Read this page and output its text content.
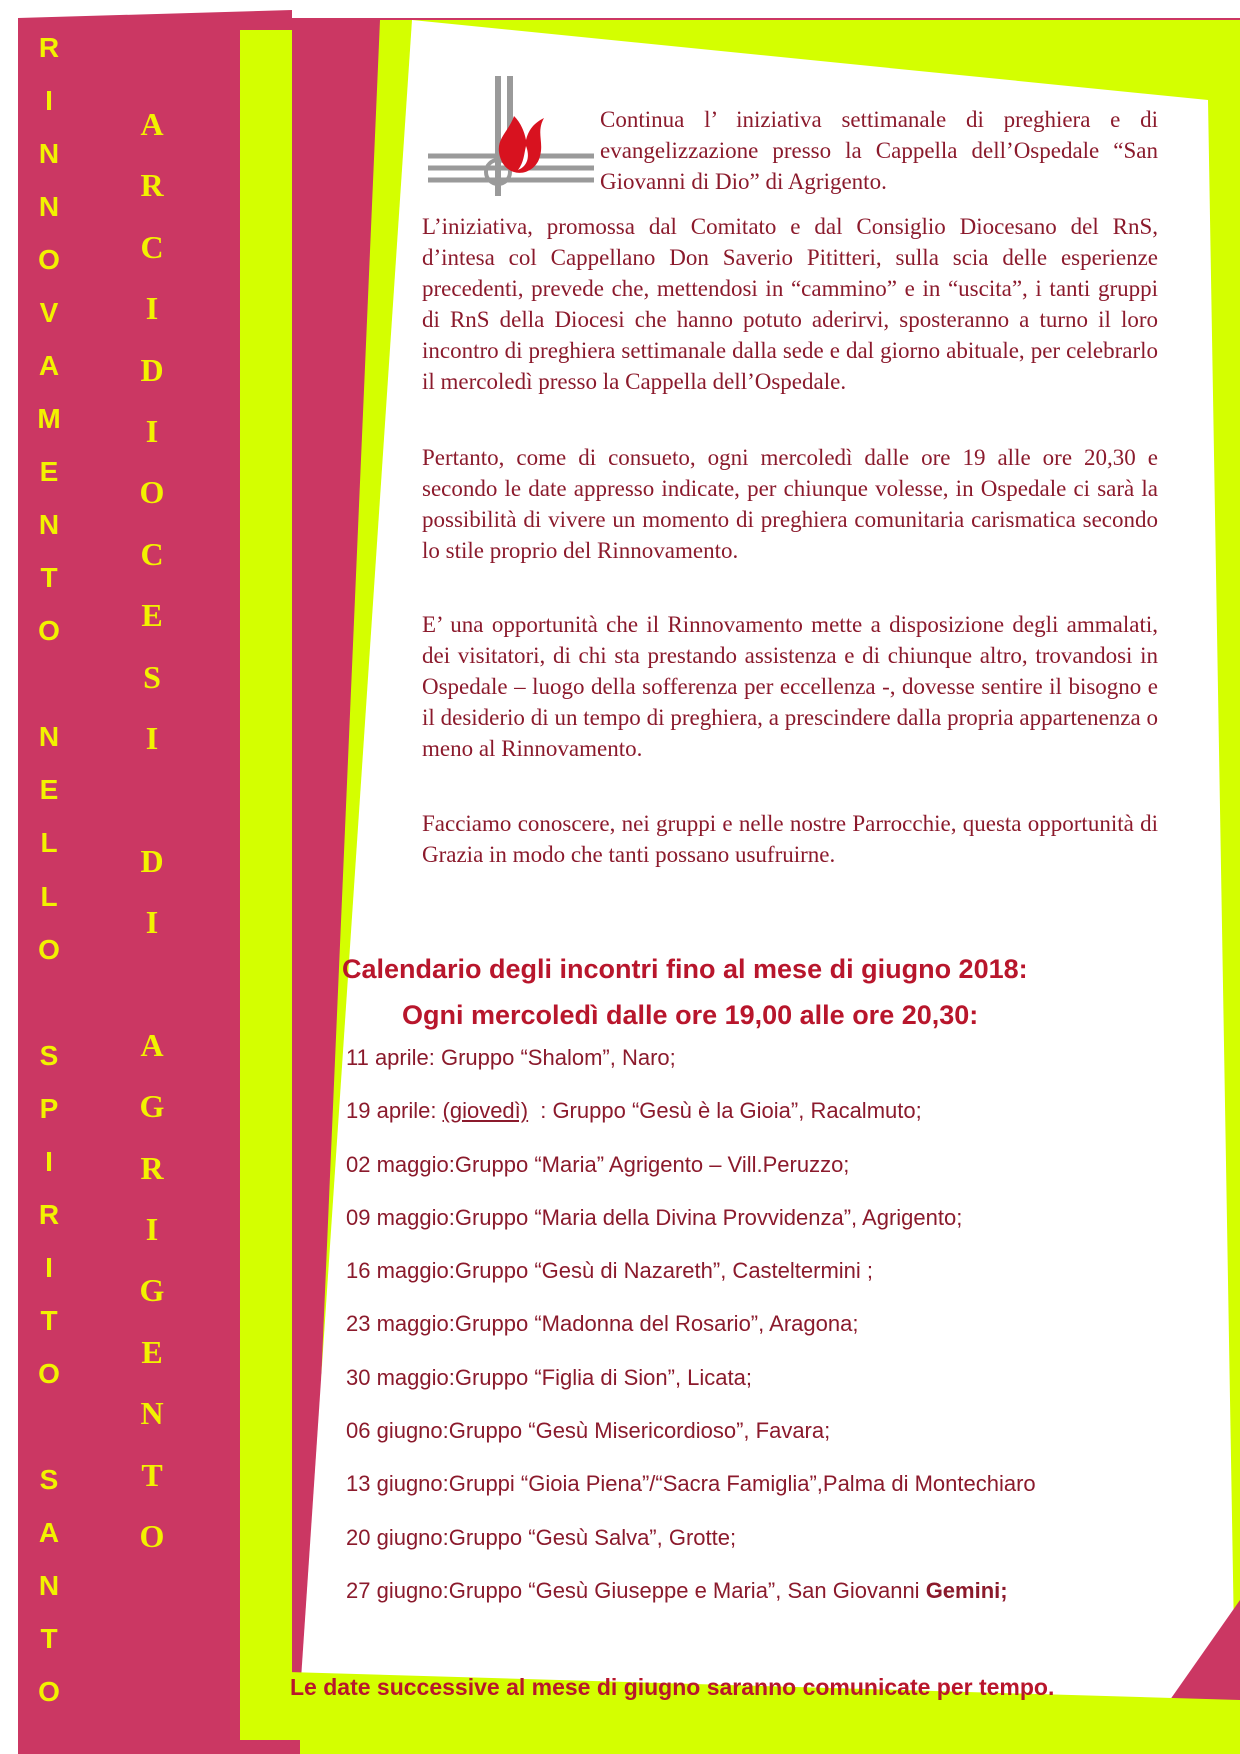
R
I
N
N
O
V
A
M
E
N
T
O
N
E
L
L
O
S
P
I
R
I
T
O
S
A
N
T
O
A
R
C
I
D
I
O
C
E
S
I
D
I
A
G
R
I
G
E
N
T
O

Continua l’ iniziativa settimanale di preghiera e di evangelizzazione presso la Cappella dell’Ospedale “San Giovanni di Dio” di Agrigento.

L’iniziativa, promossa dal Comitato e dal Consiglio Diocesano del RnS, d’intesa col Cappellano Don Saverio Pititteri, sulla scia delle esperienze precedenti, prevede che, mettendosi in “cammino” e in “uscita”, i tanti gruppi di RnS della Diocesi che hanno potuto aderirvi, sposteranno a turno il loro incontro di preghiera settimanale dalla sede e dal giorno abituale, per celebrarlo il mercoledì presso la Cappella dell’Ospedale.

Pertanto, come di consueto, ogni mercoledì dalle ore 19 alle ore 20,30 e secondo le date appresso indicate, per chiunque volesse, in Ospedale ci sarà la possibilità di vivere un momento di preghiera comunitaria carismatica secondo lo stile proprio del Rinnovamento.

E’ una opportunità che il Rinnovamento mette a disposizione degli ammalati, dei visitatori, di chi sta prestando assistenza e di chiunque altro, trovandosi in Ospedale – luogo della sofferenza per eccellenza -, dovesse sentire il bisogno e il desiderio di un tempo di preghiera, a prescindere dalla propria appartenenza o meno al Rinnovamento.

Facciamo conoscere, nei gruppi e nelle nostre Parrocchie, questa opportunità di Grazia in modo che tanti possano usufruirne.

Calendario degli incontri fino al mese di giugno 2018:

Ogni mercoledì dalle ore 19,00 alle ore 20,30:

11 aprile: Gruppo “Shalom”, Naro;
19 aprile:(giovedì) : Gruppo “Gesù è la Gioia”, Racalmuto;
02 maggio:Gruppo “Maria” Agrigento – Vill.Peruzzo;
09 maggio:Gruppo “Maria della Divina Provvidenza”, Agrigento;
16 maggio:Gruppo “Gesù di Nazareth”, Casteltermini ;
23 maggio:Gruppo “Madonna del Rosario”, Aragona;
30 maggio:Gruppo “Figlia di Sion”, Licata;
06 giugno:Gruppo “Gesù Misericordioso”, Favara;
13 giugno:Gruppi “Gioia Piena”/“Sacra Famiglia”,Palma di Montechiaro
20 giugno:Gruppo “Gesù Salva”, Grotte;
27 giugno:Gruppo “Gesù Giuseppe e Maria”, San Giovanni Gemini;

Le date successive al mese di giugno saranno comunicate per tempo.
